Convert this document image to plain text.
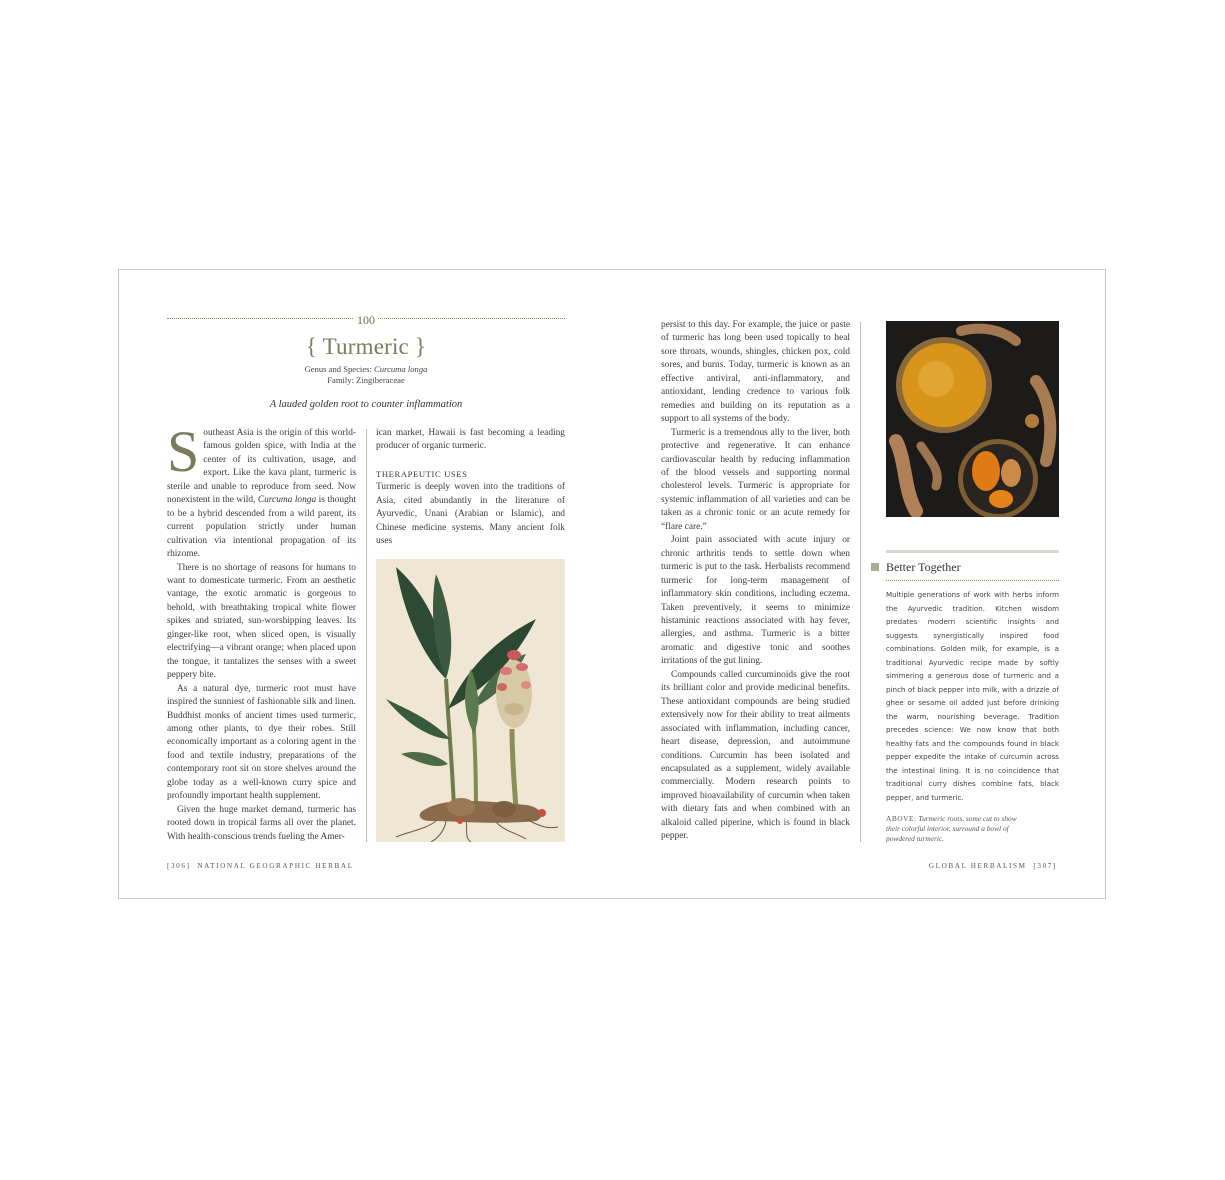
100
{ Turmeric }
Genus and Species: Curcuma longa
Family: Zingiberaceae
A lauded golden root to counter inflammation

Southeast Asia is the origin of this world-famous golden spice, with India at the center of its cultivation, usage, and export. Like the kava plant, turmeric is sterile and unable to reproduce from seed. Now nonexistent in the wild, Curcuma longa is thought to be a hybrid descended from a wild parent, its current population strictly under human cultivation via intentional propagation of its rhizome.

There is no shortage of reasons for humans to want to domesticate turmeric. From an aesthetic vantage, the exotic aromatic is gorgeous to behold, with breathtaking tropical white flower spikes and striated, sun-worshipping leaves. Its ginger-like root, when sliced open, is visually electrifying—a vibrant orange; when placed upon the tongue, it tantalizes the senses with a sweet peppery bite.

As a natural dye, turmeric root must have inspired the sunniest of fashionable silk and linen. Buddhist monks of ancient times used turmeric, among other plants, to dye their robes. Still economically important as a coloring agent in the food and textile industry, preparations of the contemporary root sit on store shelves around the globe today as a well-known curry spice and profoundly important health supplement.

Given the huge market demand, turmeric has rooted down in tropical farms all over the planet. With health-conscious trends fueling the Amer-

ican market, Hawaii is fast becoming a leading producer of organic turmeric.

THERAPEUTIC USES

Turmeric is deeply woven into the traditions of Asia, cited abundantly in the literature of Ayurvedic, Unani (Arabian or Islamic), and Chinese medicine systems. Many ancient folk uses

[306] NATIONAL GEOGRAPHIC HERBAL

persist to this day. For example, the juice or paste of turmeric has long been used topically to heal sore throats, wounds, shingles, chicken pox, cold sores, and burns. Today, turmeric is known as an effective antiviral, anti-inflammatory, and antioxidant, lending credence to various folk remedies and building on its reputation as a support to all systems of the body.

Turmeric is a tremendous ally to the liver, both protective and regenerative. It can enhance cardiovascular health by reducing inflammation of the blood vessels and supporting normal cholesterol levels. Turmeric is appropriate for systemic inflammation of all varieties and can be taken as a chronic tonic or an acute remedy for “flare care.”

Joint pain associated with acute injury or chronic arthritis tends to settle down when turmeric is put to the task. Herbalists recommend turmeric for long-term management of inflammatory skin conditions, including eczema. Taken preventively, it seems to minimize histaminic reactions associated with hay fever, allergies, and asthma. Turmeric is a bitter aromatic and digestive tonic and soothes irritations of the gut lining.

Compounds called curcuminoids give the root its brilliant color and provide medicinal benefits. These antioxidant compounds are being studied extensively now for their ability to treat ailments associated with inflammation, including cancer, heart disease, depression, and autoimmune conditions. Curcumin has been isolated and encapsulated as a supplement, widely available commercially. Modern research points to improved bioavailability of curcumin when taken with dietary fats and when combined with an alkaloid called piperine, which is found in black pepper.

Better Together
Multiple generations of work with herbs inform the Ayurvedic tradition. Kitchen wisdom predates modern scientific insights and suggests synergistically inspired food combinations. Golden milk, for example, is a traditional Ayurvedic recipe made by softly simmering a generous dose of turmeric and a pinch of black pepper into milk, with a drizzle of ghee or sesame oil added just before drinking the warm, nourishing beverage. Tradition precedes science: We now know that both healthy fats and the compounds found in black pepper expedite the intake of curcumin across the intestinal lining. It is no coincidence that traditional curry dishes combine fats, black pepper, and turmeric.
ABOVE: Turmeric roots, some cut to show their colorful interior, surround a bowl of powdered turmeric.
GLOBAL HERBALISM [307]
